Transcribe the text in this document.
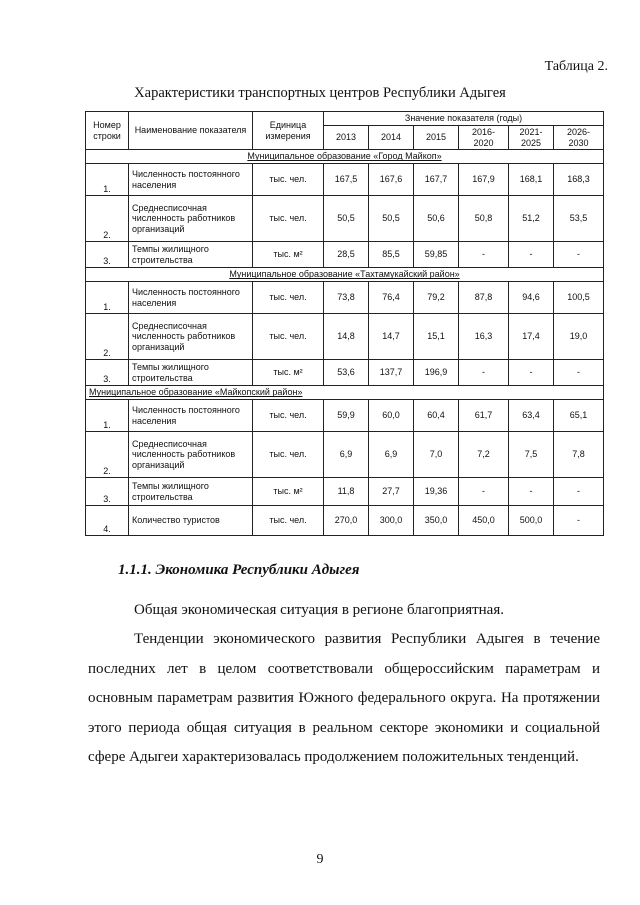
Таблица 2.
Характеристики транспортных центров Республики Адыгея
Номер строки	Наименование показателя	Единица измерения	Значение показателя (годы)					
			2013	2014	2015	2016-2020	2021-2025	2026-2030
Муниципальное образование «Город Майкоп»								
1.	Численность постоянного населения	тыс. чел.	167,5	167,6	167,7	167,9	168,1	168,3
2.	Среднесписочная численность работников организаций	тыс. чел.	50,5	50,5	50,6	50,8	51,2	53,5
3.	Темпы жилищного строительства	тыс. м²	28,5	85,5	59,85	-	-	-
Муниципальное образование «Тахтамукайский район»								
1.	Численность постоянного населения	тыс. чел.	73,8	76,4	79,2	87,8	94,6	100,5
2.	Среднесписочная численность работников организаций	тыс. чел.	14,8	14,7	15,1	16,3	17,4	19,0
3.	Темпы жилищного строительства	тыс. м²	53,6	137,7	196,9	-	-	-
Муниципальное образование «Майкопский район»								
1.	Численность постоянного населения	тыс. чел.	59,9	60,0	60,4	61,7	63,4	65,1
2.	Среднесписочная численность работников организаций	тыс. чел.	6,9	6,9	7,0	7,2	7,5	7,8
3.	Темпы жилищного строительства	тыс. м²	11,8	27,7	19,36	-	-	-
4.	Количество туристов	тыс. чел.	270,0	300,0	350,0	450,0	500,0	-
1.1.1. Экономика Республики Адыгея

Общая экономическая ситуация в регионе благоприятная.

Тенденции экономического развития Республики Адыгея в течение последних лет в целом соответствовали общероссийским параметрам и основным параметрам развития Южного федерального округа. На протяжении этого периода общая ситуация в реальном секторе экономики и социальной сфере Адыгеи характеризовалась продолжением положительных тенденций.

9
